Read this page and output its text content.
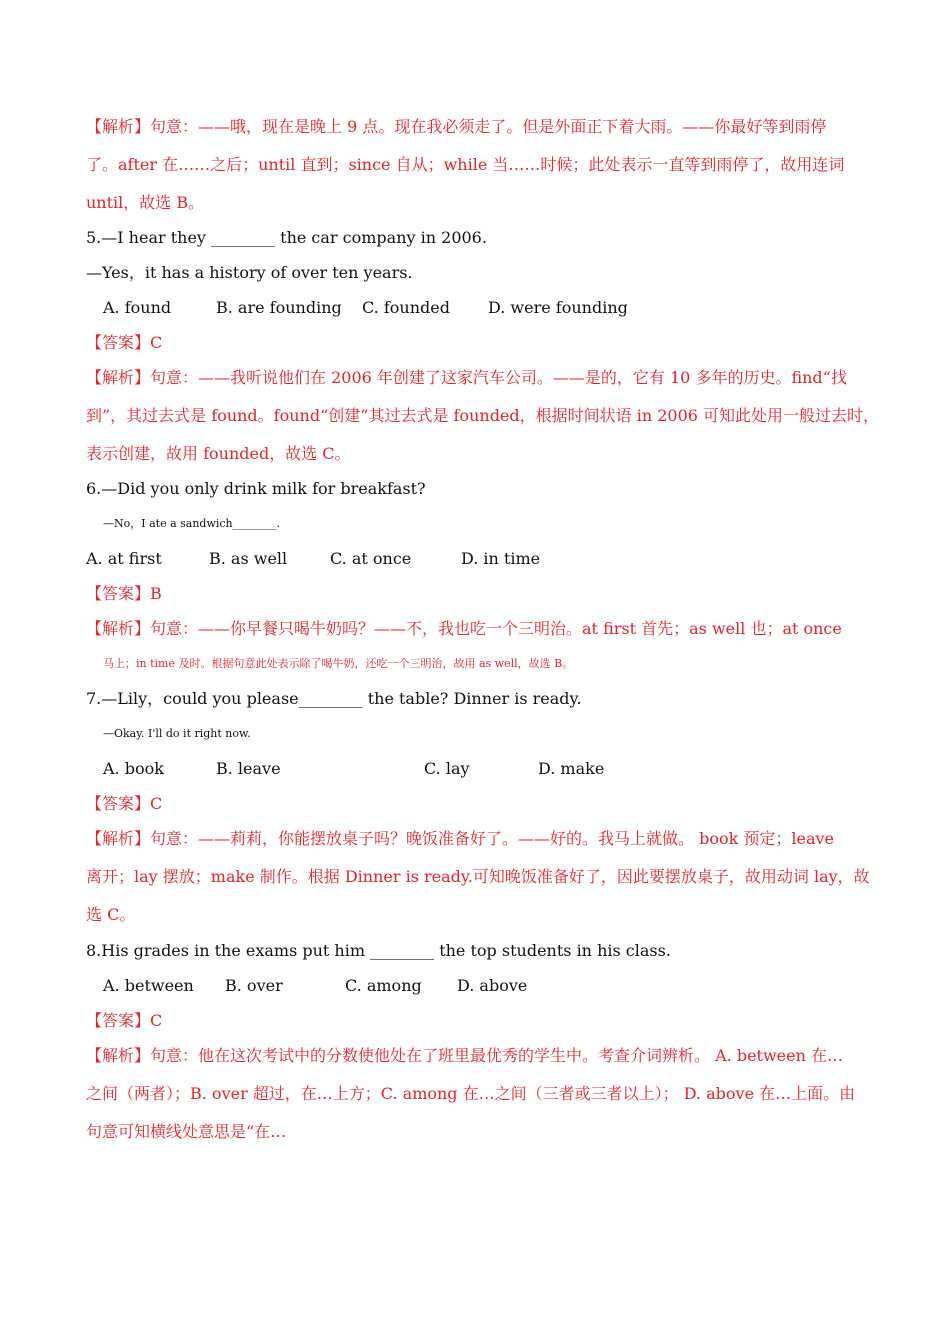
【解析】句意：——哦，现在是晚上 9 点。现在我必须走了。但是外面正下着大雨。——你最好等到雨停
了。after 在……之后；until 直到；since 自从；while 当……时候；此处表示一直等到雨停了，故用连词
until，故选 B。
5.—I hear they ________ the car company in 2006.
—Yes，it has a history of over ten years.
A. found	B. are founding C. founded D. were founding
【答案】C
【解析】句意：——我听说他们在 2006 年创建了这家汽车公司。——是的，它有 10 多年的历史。find“找
到”，其过去式是 found。found“创建”其过去式是 founded，根据时间状语 in 2006 可知此处用一般过去时，
表示创建，故用 founded，故选 C。
6.—Did you only drink milk for breakfast?
—No，I ate a sandwich________.
A. at first	B. as well	C. at once	D. in time
【答案】B
【解析】句意：——你早餐只喝牛奶吗？——不，我也吃一个三明治。at first 首先；as well 也；at once
马上；in time 及时。根据句意此处表示除了喝牛奶，还吃一个三明治，故用 as well，故选 B。
7.—Lily，could you please________ the table? Dinner is ready.
—Okay. I'll do it right now.
A. book	B. leave	C. lay	D. make
【答案】C
【解析】句意：——莉莉，你能摆放桌子吗？晚饭准备好了。——好的。我马上就做。 book 预定；leave
离开；lay 摆放；make 制作。根据 Dinner is ready.可知晚饭准备好了，因此要摆放桌子，故用动词 lay，故
选 C。
8.His grades in the exams put him ________ the top students in his class.
A. between B. over	C. among D. above
【答案】C
【解析】句意：他在这次考试中的分数使他处在了班里最优秀的学生中。考查介词辨析。 A. between 在…
之间（两者）；B. over 超过，在…上方；C. among 在…之间（三者或三者以上）； D. above 在…上面。由
句意可知横线处意思是“在…
